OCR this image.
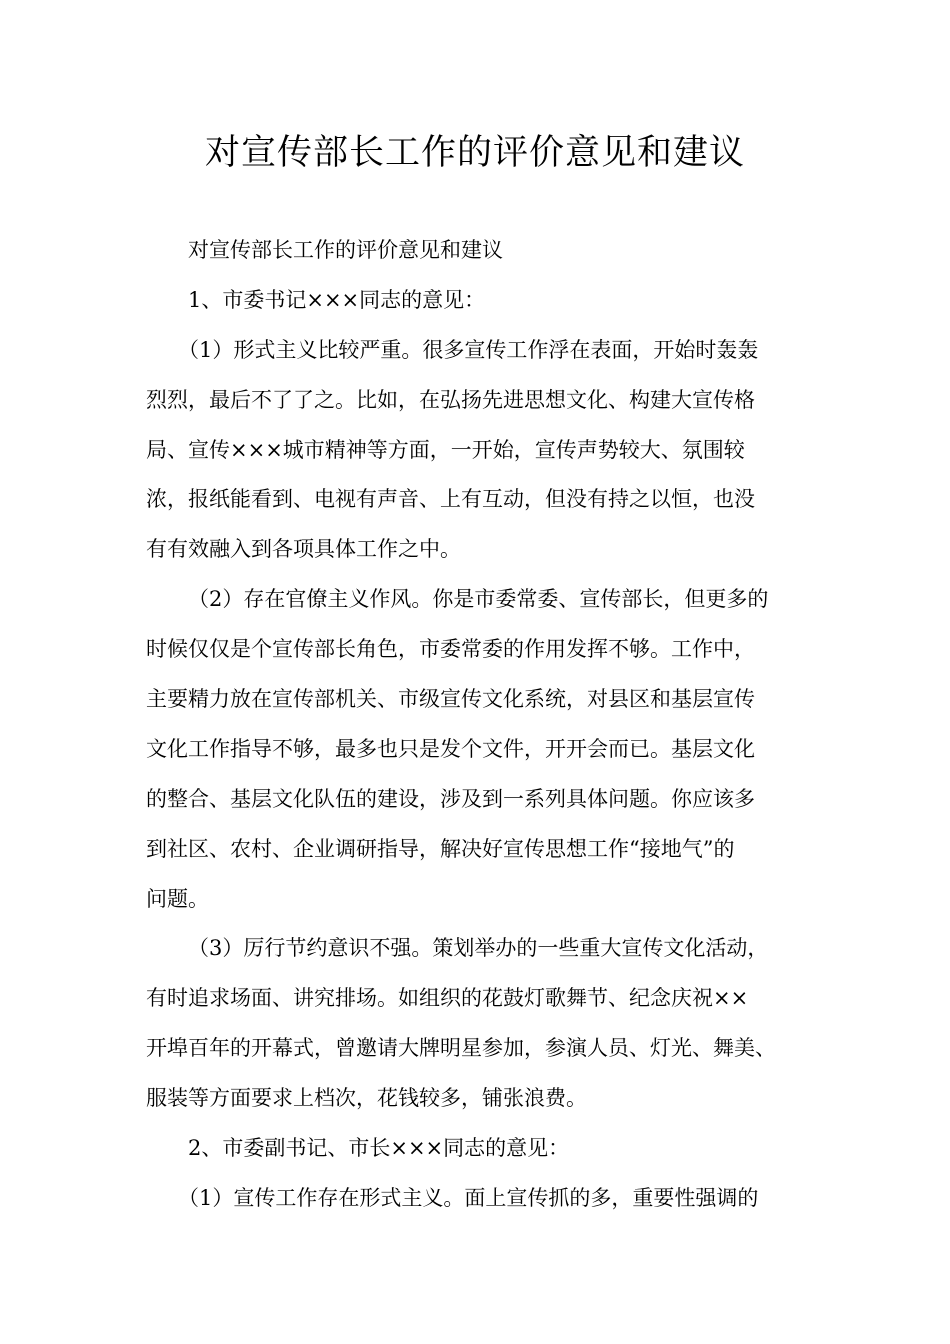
对宣传部长工作的评价意见和建议

对宣传部长工作的评价意见和建议

1、市委书记×××同志的意见：

（1）形式主义比较严重。很多宣传工作浮在表面，开始时轰轰
烈烈，最后不了了之。比如，在弘扬先进思想文化、构建大宣传格
局、宣传×××城市精神等方面，一开始，宣传声势较大、氛围较
浓，报纸能看到、电视有声音、上有互动，但没有持之以恒，也没
有有效融入到各项具体工作之中。

（2）存在官僚主义作风。你是市委常委、宣传部长，但更多的
时候仅仅是个宣传部长角色，市委常委的作用发挥不够。工作中，
主要精力放在宣传部机关、市级宣传文化系统，对县区和基层宣传
文化工作指导不够，最多也只是发个文件，开开会而已。基层文化
的整合、基层文化队伍的建设，涉及到一系列具体问题。你应该多
到社区、农村、企业调研指导，解决好宣传思想工作“接地气”的
问题。

（3）厉行节约意识不强。策划举办的一些重大宣传文化活动，
有时追求场面、讲究排场。如组织的花鼓灯歌舞节、纪念庆祝××
开埠百年的开幕式，曾邀请大牌明星参加，参演人员、灯光、舞美、
服装等方面要求上档次，花钱较多，铺张浪费。

2、市委副书记、市长×××同志的意见：

（1）宣传工作存在形式主义。面上宣传抓的多，重要性强调的
